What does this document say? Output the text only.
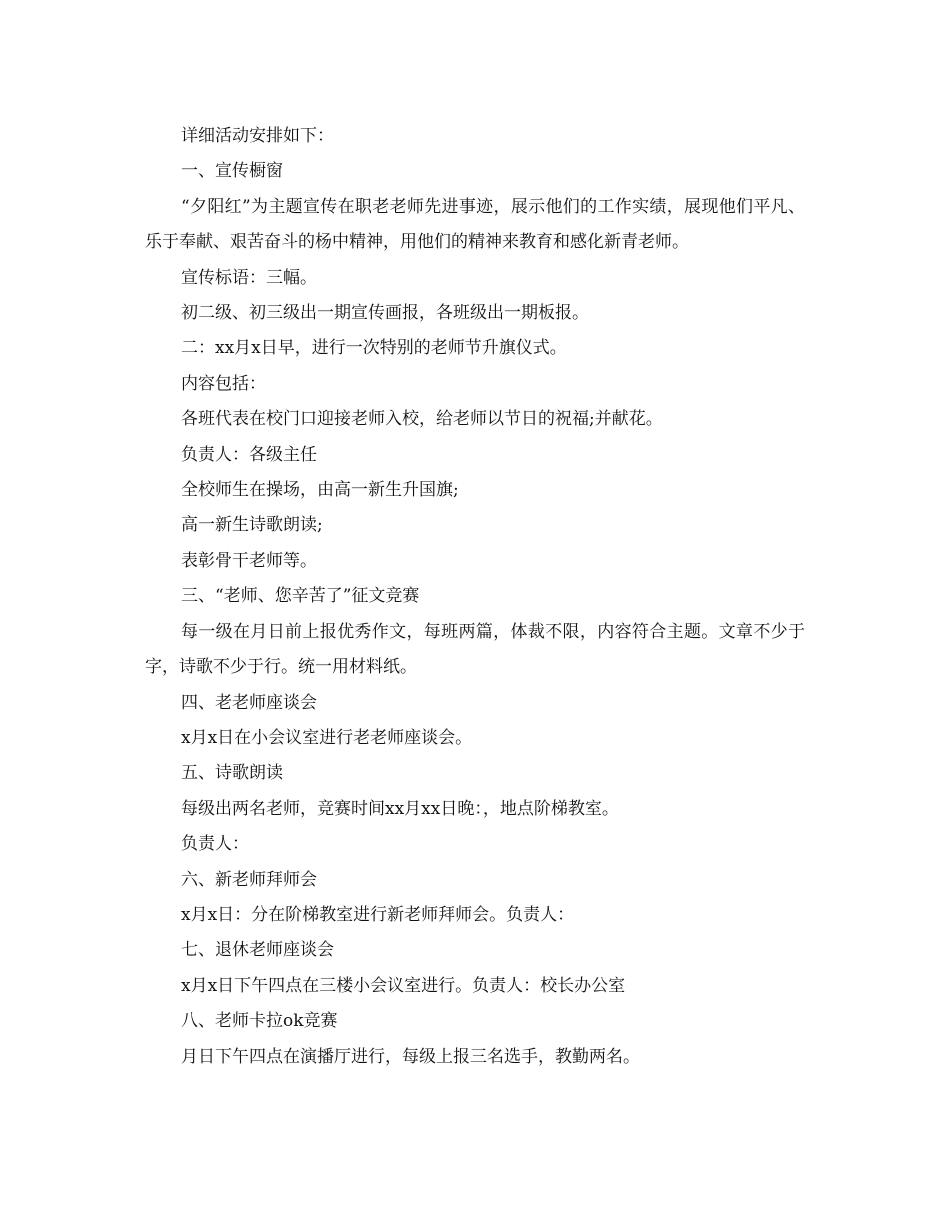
详细活动安排如下：

一、宣传橱窗

“夕阳红”为主题宣传在职老老师先进事迹，展示他们的工作实绩，展现他们平凡、乐于奉献、艰苦奋斗的杨中精神，用他们的精神来教育和感化新青老师。

宣传标语：三幅。

初二级、初三级出一期宣传画报，各班级出一期板报。

二：xx月x日早，进行一次特别的老师节升旗仪式。

内容包括：

各班代表在校门口迎接老师入校，给老师以节日的祝福;并献花。

负责人：各级主任

全校师生在操场，由高一新生升国旗;

高一新生诗歌朗读;

表彰骨干老师等。

三、“老师、您辛苦了”征文竞赛

每一级在月日前上报优秀作文，每班两篇，体裁不限，内容符合主题。文章不少于字，诗歌不少于行。统一用材料纸。

四、老老师座谈会

x月x日在小会议室进行老老师座谈会。

五、诗歌朗读

每级出两名老师，竞赛时间xx月xx日晚：，地点阶梯教室。

负责人：

六、新老师拜师会

x月x日：分在阶梯教室进行新老师拜师会。负责人：

七、退休老师座谈会

x月x日下午四点在三楼小会议室进行。负责人：校长办公室

八、老师卡拉ok竞赛

月日下午四点在演播厅进行，每级上报三名选手，教勤两名。
